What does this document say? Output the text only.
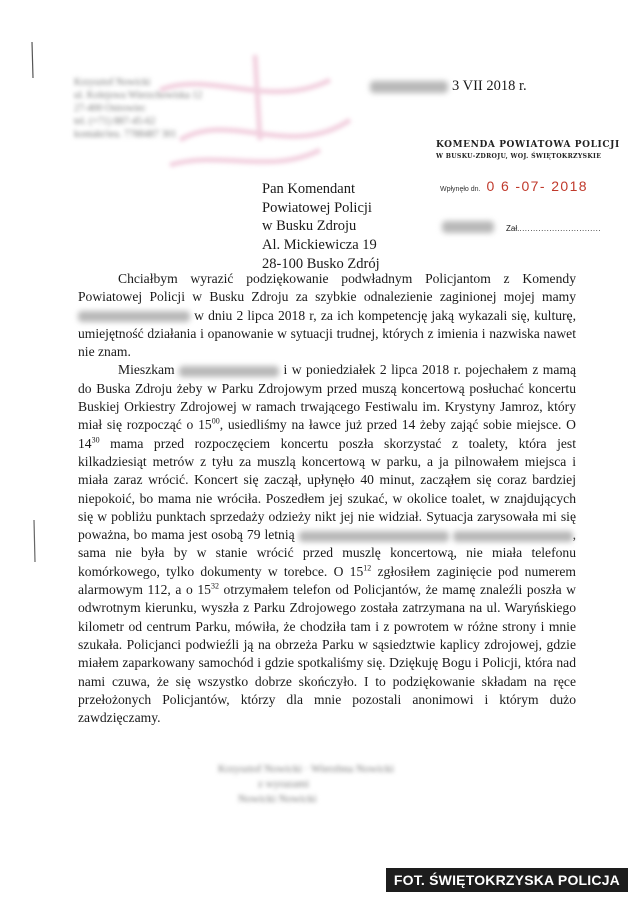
Krzysztof Nowicki
ul. Kolejowa Wierzchowiska 12
27-400 Ostrowiec
tel. (+71) 887-45-62
kontakt/ieu. 7788487 301
3 VII 2018 r.
KOMENDA POWIATOWA POLICJI
W BUSKU-ZDROJU, WOJ. ŚWIĘTOKRZYSKIE
Wpłynęło dn. 0 6 -07- 2018
Zał...............................
Pan Komendant
Powiatowej Policji
w Busku Zdroju
Al. Mickiewicza 19
28-100 Busko Zdrój

Chciałbym wyrazić podziękowanie podwładnym Policjantom z Komendy Powiatowej Policji w Busku Zdroju za szybkie odnalezienie zaginionej mojej mamy  w dniu 2 lipca 2018 r, za ich kompetencję jaką wykazali się, kulturę, umiejętność działania i opanowanie w sytuacji trudnej, których z imienia i nazwiska nawet nie znam.

Mieszkam	i w poniedziałek 2 lipca 2018 r. pojechałem z mamą do Buska Zdroju żeby w Parku Zdrojowym przed muszą koncertową posłuchać koncertu Buskiej Orkiestry Zdrojowej w ramach trwającego Festiwalu im. Krystyny Jamroz, który miał się rozpocząć o $15^{00}$, usiedliśmy na ławce już przed 14 żeby zająć sobie miejsce. O $14^{30}$ mama przed rozpoczęciem koncertu poszła skorzystać z toalety, która jest kilkadziesiąt metrów z tyłu za muszlą koncertową w parku, a ja pilnowałem miejsca i miała zaraz wrócić. Koncert się zaczął, upłynęło 40 minut, zacząłem się coraz bardziej niepokoić, bo mama nie wróciła. Poszedłem jej szukać, w okolice toalet, w znajdujących się w pobliżu punktach sprzedaży odzieży nikt jej nie widział. Sytuacja zarysowała mi się poważna, bo mama jest osobą 79 letnią	, sama nie była by w stanie wrócić przed muszlę koncertową, nie miała telefonu komórkowego, tylko dokumenty w torebce. O $15^{12}$ zgłosiłem zaginięcie pod numerem alarmowym 112, a o $15^{32}$ otrzymałem telefon od Policjantów, że mamę znaleźli poszła w odwrotnym kierunku, wyszła z Parku Zdrojowego została zatrzymana na ul. Waryńskiego kilometr od centrum Parku, mówiła, że chodziła tam i z powrotem w różne strony i mnie szukała. Policjanci podwieźli ją na obrzeża Parku w sąsiedztwie kaplicy zdrojowej, gdzie miałem zaparkowany samochód i gdzie spotkaliśmy się. Dziękuję Bogu i Policji, która nad nami czuwa, że się wszystko dobrze skończyło. I to podziękowanie składam na ręce przełożonych Policjantów, którzy dla mnie pozostali anonimowi i którym dużo zawdzięczamy.

Krzysztof Nowicki · Wierzbna Nowicki
z wyrazami
Nowicki Nowicki
FOT. ŚWIĘTOKRZYSKA POLICJA
